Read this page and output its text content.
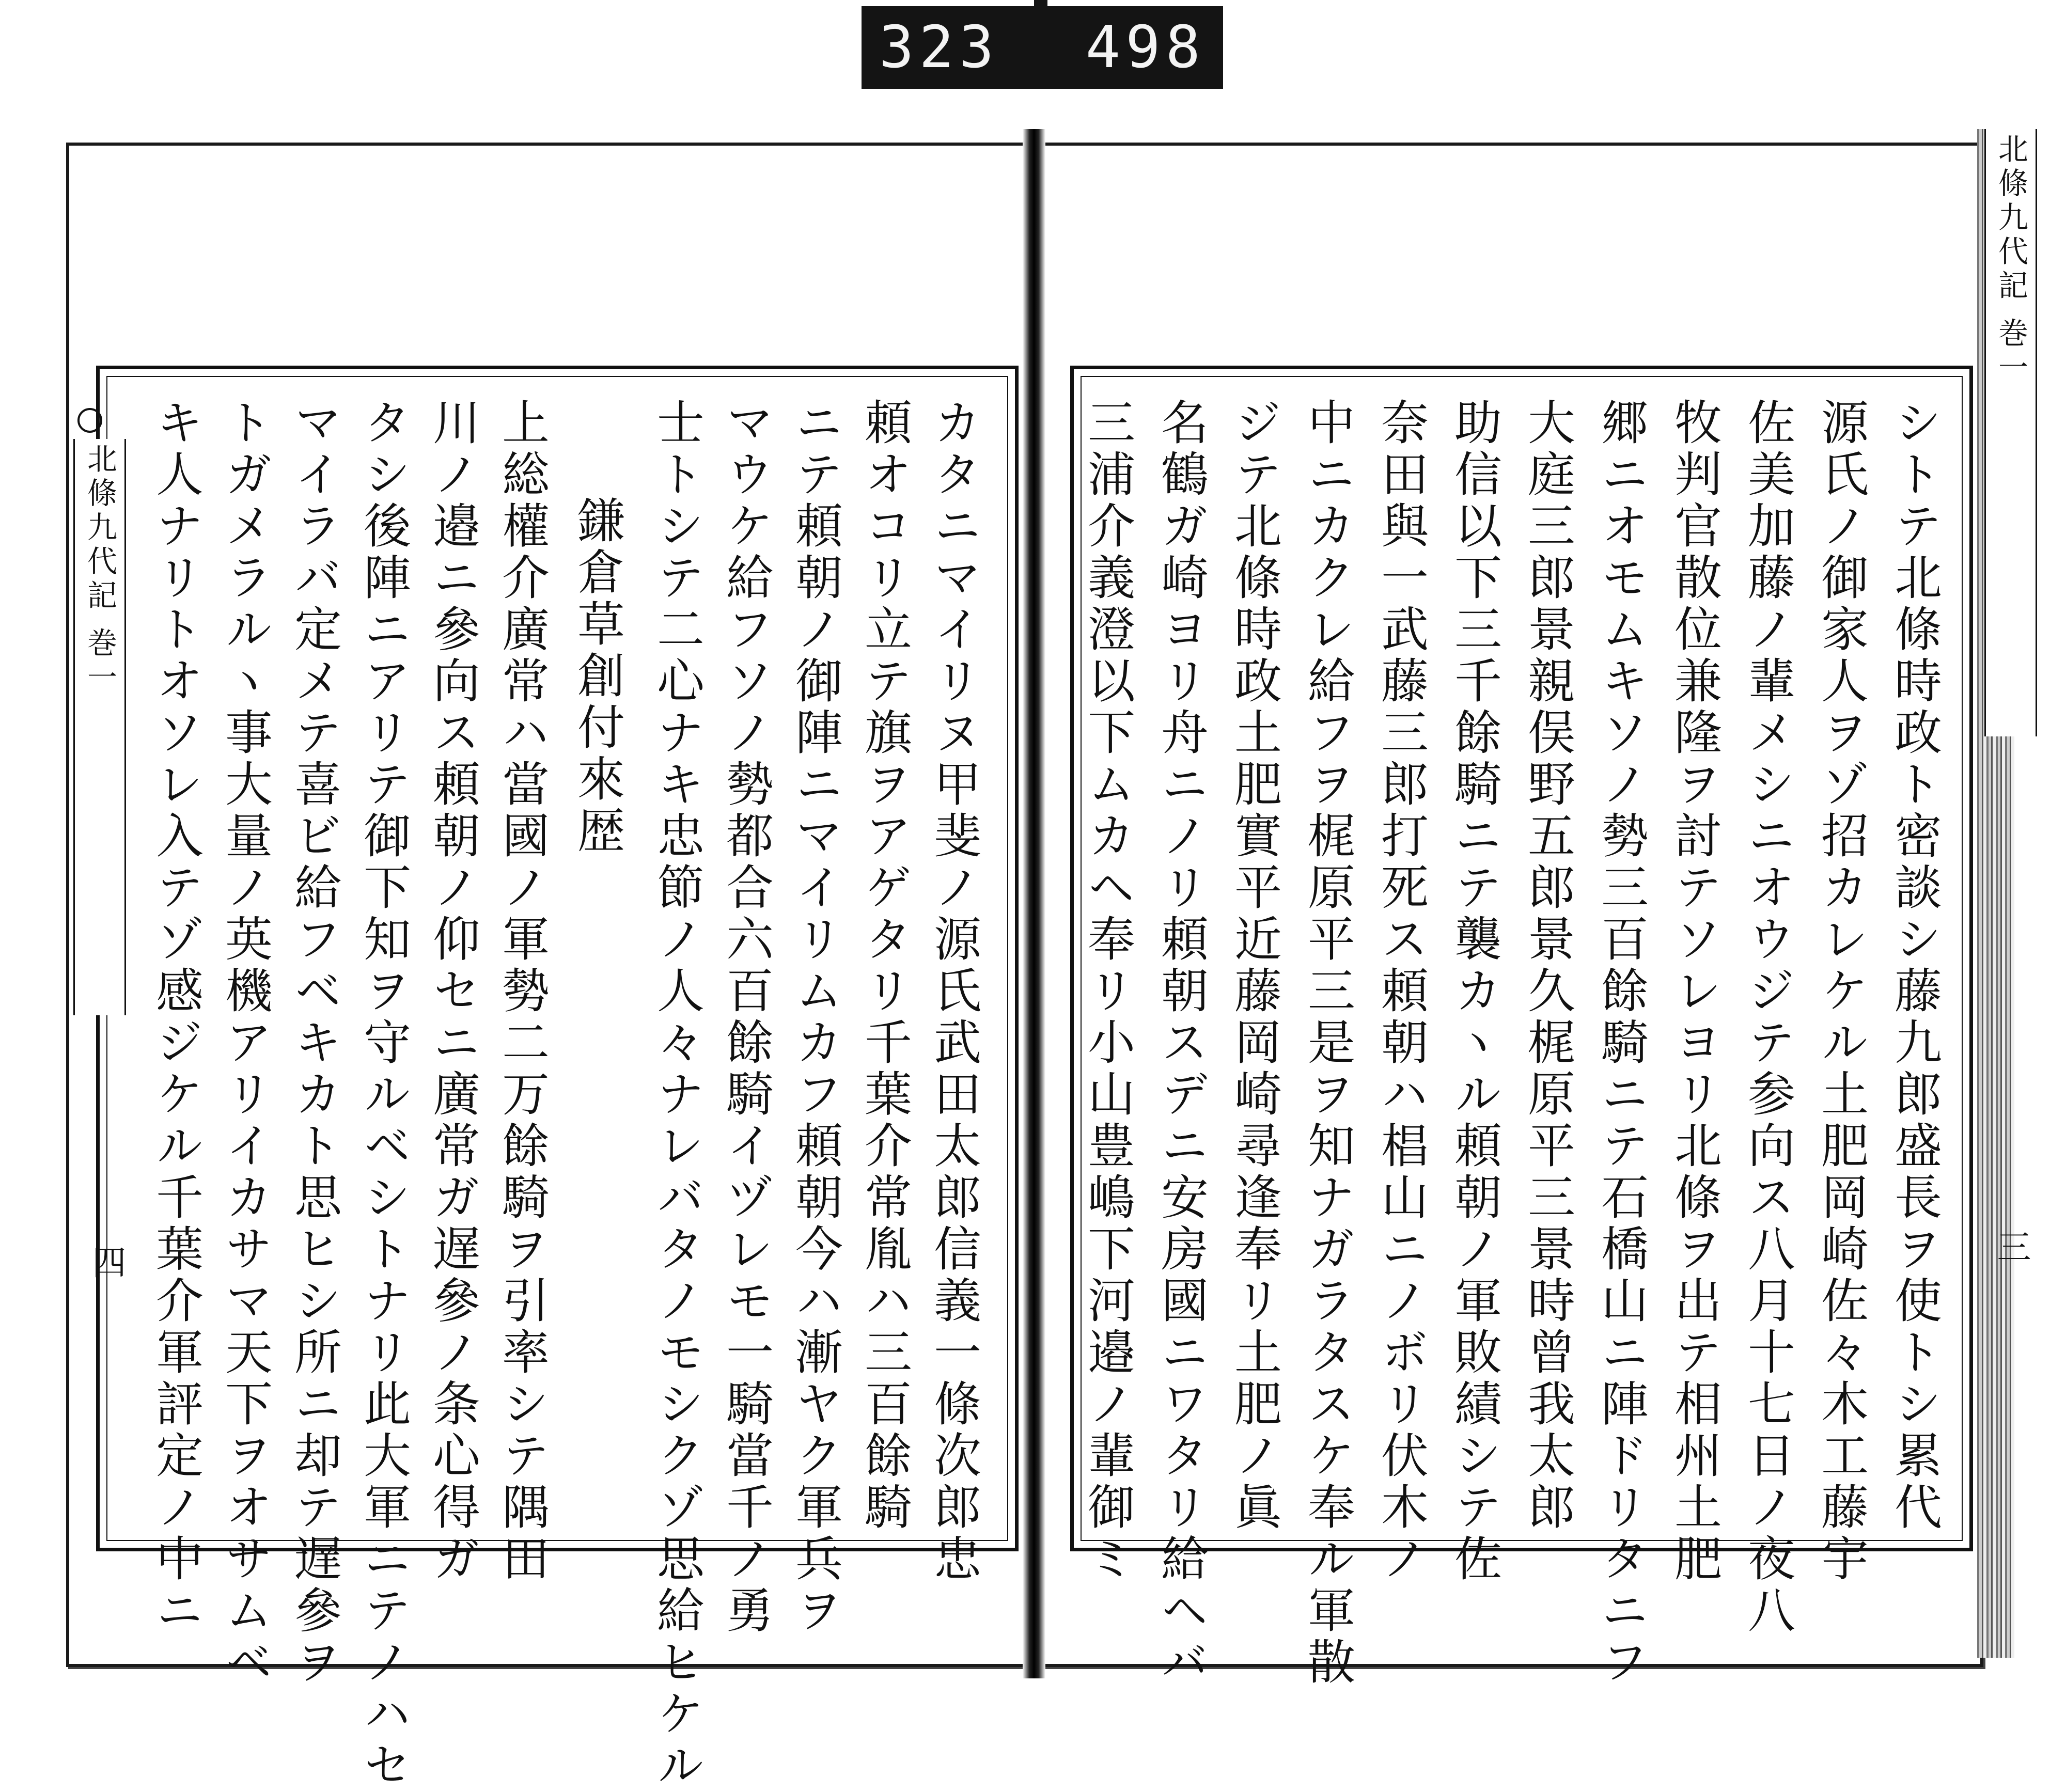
323 498
北條九代記 巻一
三
北條九代記 巻一
四	シトテ北條時政ト密談シ藤九郎盛長ヲ使トシ累代
源氏ノ御家人ヲゾ招カレケル土肥岡崎佐々木工藤宇
佐美加藤ノ輩メシニオウジテ参向ス八月十七日ノ夜八
牧判官散位兼隆ヲ討テソレヨリ北條ヲ出テ相州土肥
郷ニオモムキソノ勢三百餘騎ニテ石橋山ニ陣ドリタニフ
大庭三郎景親俣野五郎景久梶原平三景時曾我太郎
助信以下三千餘騎ニテ襲カヽル頼朝ノ軍敗績シテ佐
奈田與一武藤三郎打死ス頼朝ハ椙山ニノボリ伏木ノ
中ニカクレ給フヲ梶原平三是ヲ知ナガラタスケ奉ル軍散
ジテ北條時政土肥實平近藤岡崎尋逢奉リ土肥ノ眞
名鶴ガ崎ヨリ舟ニノリ頼朝スデニ安房國ニワタリ給ヘバ
三浦介義澄以下ムカヘ奉リ小山豊嶋下河邉ノ輩御ミ
カタニマイリヌ甲斐ノ源氏武田太郎信義一條次郎忠
頼オコリ立テ旗ヲアゲタリ千葉介常胤ハ三百餘騎
ニテ頼朝ノ御陣ニマイリムカフ頼朝今ハ漸ヤク軍兵ヲ
マウケ給フソノ勢都合六百餘騎イヅレモ一騎當千ノ勇
士トシテ二心ナキ忠節ノ人々ナレバタノモシクゾ思給ヒケル
鎌倉草創付來歴
上総權介廣常ハ當國ノ軍勢二万餘騎ヲ引率シテ隅田
川ノ邉ニ參向ス頼朝ノ仰セニ廣常ガ遅參ノ条心得ガ
タシ後陣ニアリテ御下知ヲ守ルベシトナリ此大軍ニテノハセ
マイラバ定メテ喜ビ給フベキカト思ヒシ所ニ却テ遅參ヲ
トガメラルヽ事大量ノ英機アリイカサマ天下ヲオサムベ
キ人ナリトオソレ入テゾ感ジケル千葉介軍評定ノ中ニ
